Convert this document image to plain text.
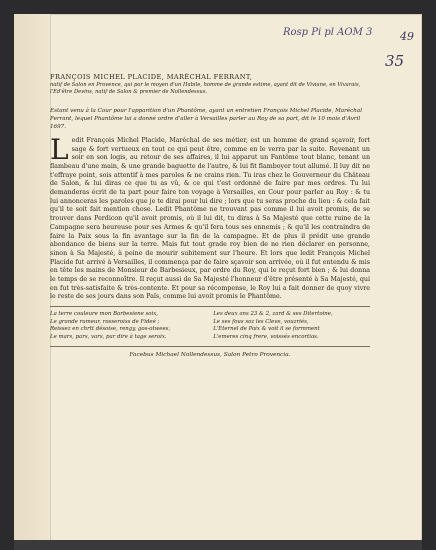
Rosp Pi pl AOM 3	49
35

FRANÇOIS MICHEL PLACIDE, MARÉCHAL FERRANT,

natif de Salon en Provence, qui par le moyen d'un Habile, homme de grande estime, ayant dit de Viviane, en Vivarais, l'Ed'être Devins, natif de Salon & premier de Nollendessus.

Estant venu à la Cour pour l'apparition d'un Phantôme, ayant un entretien François Michel Placide, Maréchal Ferrant, lequel Phantôme lui a donné ordre d'aller à Versailles parler au Roy de sa part, dit le 10 mois d'Avril 1697.

Ledit François Michel Placide, Maréchal de ses métier, est un homme de grand sçavoir, fort sage & fort vertueux en tout ce qui peut être, comme en le verra par la suite. Revenant un soir en son logis, au retour de ses affaires, il lui apparut un Fantôme tout blanc, tenant un flambeau d'une main, & une grande baguette de l'autre, & lui fit flamboyer tout allumé. Il luy dit ne t'effraye point, sois attentif à mes paroles & ne crains rien. Tu iras chez le Gouverneur du Château de Salon, & lui diras ce que tu as vû, & ce qui t'est ordonné de faire par mes ordres. Tu lui demanderas écrit de ta part pour faire ton voyage à Versailles, en Cour pour parler au Roy : & tu lui annonceras les paroles que je te dirai pour lui dire ; lors que tu seras proche du lieu : & cela fait qu'il te soit fait mention chose. Ledit Phantôme ne trouvant pas comme il lui avoit promis, de se trouver dans Perdicon qu'il avoit promis, où il lui dit, tu diras à Sa Majesté que cette ruine de la Campagne sera heureuse pour ses Armes & qu'il fera tous ses ennemis ; & qu'il les contraindra de faire la Paix sous la fin avantage sur la fin de la campagne. Et de plus il prédit une grande abondance de biens sur la terre. Mais fut tout grade roy bien de ne rien déclarer en personne, sinon à Sa Majesté, à peine de mourir subitement sur l'heure. Et lors que ledit François Michel Placide fut arrivé à Versailles, il commença par de faire sçavoir son arrivée, où il fut entendu & mis en tête les mains de Monsieur de Barbesieux, par ordre du Roy, qui le reçut fort bien ; & lui donna le temps de se reconnoître. Il reçut aussi de Sa Majesté l'honneur d'être présenté à Sa Majesté, qui en fut très-satisfaite & très-contente. Et pour sa récompense, le Roy lui a fait donner de quoy vivre le reste de ses jours dans son Païs, comme lui avoit promis le Phantôme.

La terre couleure mon Barbesiene soix,
Le grande rumeur, rosseroiss de Fideé ;
Reissez en chrtt désoise, rengy, gos-otwees,
Le mars, pars, vars, par dire à tage seroix.
Les deux ans 23 & 2, zard & ses Ditertoine,
Le ses fous soz les Cleve, vouzriés,
L'Eternel de Paix & voit il se formment
L'emeres cinq frere, voissés encortias.
Facebus Michael Nollendessus, Salon Petro Provencia.
